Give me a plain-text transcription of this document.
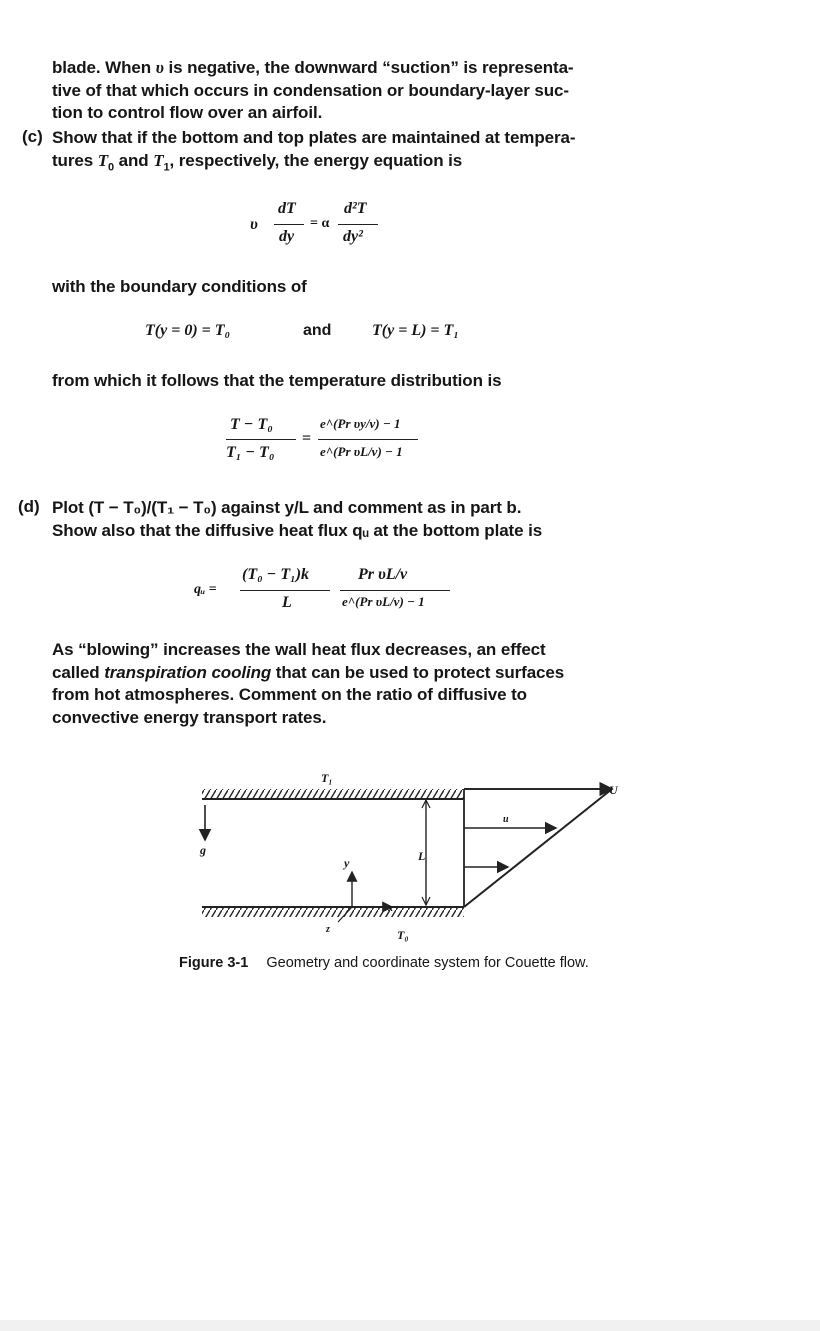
blade. When υ is negative, the downward “suction” is representa-
tive of that which occurs in condensation or boundary-layer suc-
tion to control flow over an airfoil.
(c) Show that if the bottom and top plates are maintained at tempera-
tures $T_0$ and $T_1$, respectively, the energy equation is
υ
dT
dy
= α
d²T
dy²
with the boundary conditions of
T(y = 0) = T₀	and	T(y = L) = T₁
from which it follows that the temperature distribution is
T − T₀
T₁ − T₀
=
e^(Pr υy/ν) − 1
e^(Pr υL/ν) − 1
(d) Plot (T − T₀)/(T₁ − T₀) against y/L and comment as in part b.
Show also that the diffusive heat flux qᵤ at the bottom plate is
qᵤ =
(T₀ − T₁)k
L
Pr υL/ν
e^(Pr υL/ν) − 1
As “blowing” increases the wall heat flux decreases, an effect
called transpiration cooling that can be used to protect surfaces
from hot atmospheres. Comment on the ratio of diffusive to
convective energy transport rates.
T₁
T₀
U
u
g
y	L
x
z
Figure 3-1 Geometry and coordinate system for Couette flow.
